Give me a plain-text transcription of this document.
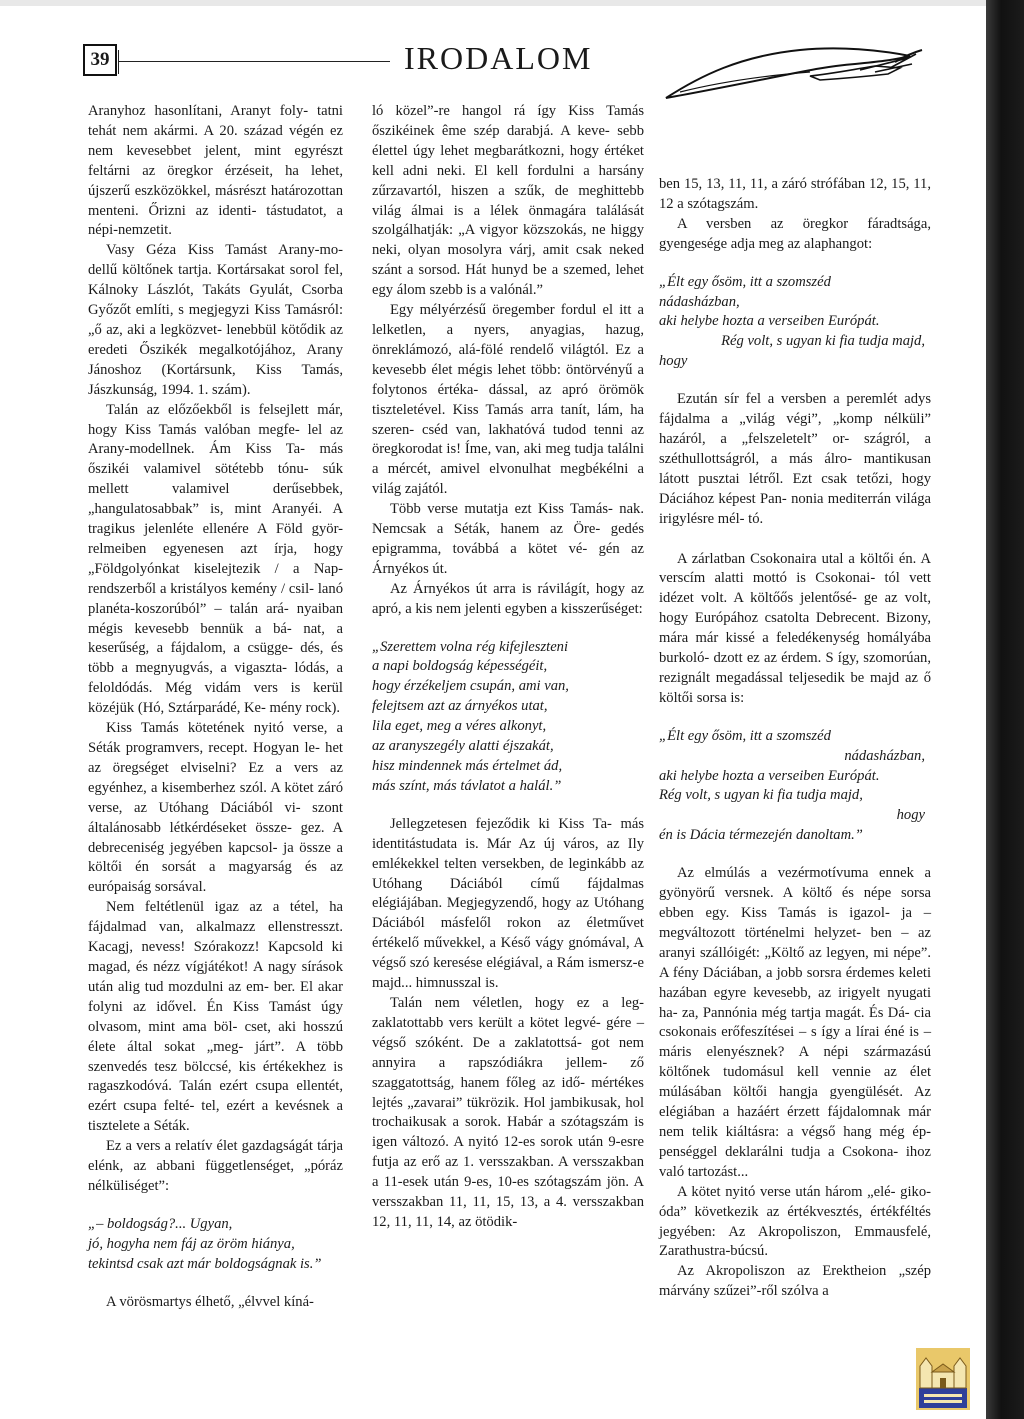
39	IRODALOM

Aranyhoz hasonlítani, Aranyt foly- tatni tehát nem akármi. A 20. század végén ez nem kevesebbet jelent, mint egyrészt feltárni az öregkor érzéseit, ha lehet, újszerű eszközökkel, másrészt határozottan menteni. Őrizni az identi- tástudatot, a népi-nemzetit.

Vasy Géza Kiss Tamást Arany-mo- dellű költőnek tartja. Kortársakat sorol fel, Kálnoky Lászlót, Takáts Gyulát, Csorba Győzőt említi, s megjegyzi Kiss Tamásról: „ő az, aki a legközvet- lenebbül kötődik az eredeti Őszikék megalkotójához, Arany Jánoshoz (Kortársunk, Kiss Tamás, Jászkunság, 1994. 1. szám).

Talán az előzőekből is felsejlett már, hogy Kiss Tamás valóban megfe- lel az Arany-modellnek. Ám Kiss Ta- más őszikéi valamivel sötétebb tónu- súk mellett valamivel derűsebbek, „hangulatosabbak” is, mint Aranyéi. A tragikus jelenléte ellenére A Föld györ- relmeiben egyenesen azt írja, hogy „Földgolyónkat kiselejtezik / a Nap- rendszerből a kristályos kemény / csil- lanó planéta-koszorúból” – talán ará- nyaiban mégis kevesebb bennük a bá- nat, a keserűség, a fájdalom, a csügge- dés, és több a megnyugvás, a vigaszta- lódás, a feloldódás. Még vidám vers is kerül közéjük (Hó, Sztárparádé, Ke- mény rock).

Kiss Tamás kötetének nyitó verse, a Séták programvers, recept. Hogyan le- het az öregséget elviselni? Ez a vers az egyénhez, a kisemberhez szól. A kötet záró verse, az Utóhang Dáciából vi- szont általánosabb létkérdéseket össze- gez. A debreceniség jegyében kapcsol- ja össze a költői én sorsát a magyarság és az európaiság sorsával.

Nem feltétlenül igaz az a tétel, ha fájdalmad van, alkalmazz ellenstresszt. Kacagj, nevess! Szórakozz! Kapcsold ki magad, és nézz vígjátékot! A nagy sírások után alig tud mozdulni az em- ber. El akar folyni az idővel. Én Kiss Tamást úgy olvasom, mint ama böl- cset, aki hosszú élete által sokat „meg- járt”. A több szenvedés tesz bölccsé, kis értékekhez is ragaszkodóvá. Talán ezért csupa ellentét, ezért csupa felté- tel, ezért a kevésnek a tisztelete a Séták.

Ez a vers a relatív élet gazdagságát tárja elénk, az abbani függetlenséget, „póráz nélküliséget”:

„– boldogság?... Ugyan,
jó, hogyha nem fáj az öröm hiánya,
tekintsd csak azt már boldogságnak is.”

A vörösmartys élhető, „élvvel kíná-

ló közel”-re hangol rá így Kiss Tamás őszikéinek ême szép darabjá. A keve- sebb élettel úgy lehet megbarátkozni, hogy értéket kell adni neki. El kell fordulni a harsány zűrzavartól, hiszen a szűk, de meghittebb világ álmai is a lélek önmagára találását szolgálhatják: „A vigyor közszokás, ne higgy neki, olyan mosolyra várj, amit csak neked szánt a sorsod. Hát hunyd be a szemed, lehet egy álom szebb is a valónál.”

Egy mélyérzésű öregember fordul el itt a lelketlen, a nyers, anyagias, hazug, önreklámozó, alá-fölé rendelő világtól. Ez a kevesebb élet mégis lehet több: öntörvényű a folytonos értéka- dással, az apró örömök tiszteletével. Kiss Tamás arra tanít, lám, ha szeren- cséd van, lakhatóvá tudod tenni az öregkorodat is! Íme, van, aki meg tudja találni a mércét, amivel elvonulhat megbékélni a világ zajától.

Több verse mutatja ezt Kiss Tamás- nak. Nemcsak a Séták, hanem az Öre- gedés epigramma, továbbá a kötet vé- gén az Árnyékos út.

Az Árnyékos út arra is rávilágít, hogy az apró, a kis nem jelenti egyben a kisszerűséget:

„Szerettem volna rég kifejleszteni
a napi boldogság képességéit,
hogy érzékeljem csupán, ami van,
felejtsem azt az árnyékos utat,
lila eget, meg a véres alkonyt,
az aranyszegély alatti éjszakát,
hisz mindennek más értelmet ád,
más színt, más távlatot a halál.”

Jellegzetesen fejeződik ki Kiss Ta- más identitástudata is. Már Az új város, az Ily emlékekkel telten versekben, de leginkább az Utóhang Dáciából című fájdalmas elégiájában. Megjegyzendő, hogy az Utóhang Dáciából másfelől rokon az életművet értékelő művekkel, a Késő vágy gnómával, A végső szó keresése elégiával, a Rám ismersz-e majd... himnusszal is.

Talán nem véletlen, hogy ez a leg- zaklatottabb vers került a kötet legvé- gére – végső szóként. De a zaklatottsá- got nem annyira a rapszódiákra jellem- ző szaggatottság, hanem főleg az idő- mértékes lejtés „zavarai” tükrözik. Hol jambikusak, hol trochaikusak a sorok. Habár a szótagszám is igen változó. A nyitó 12-es sorok után 9-esre futja az erő az 1. versszakban. A versszakban a 11-esek után 9-es, 10-es szótagszám jön. A versszakban 11, 11, 15, 13, a 4. versszakban 12, 11, 11, 14, az ötödik-

ben 15, 13, 11, 11, a záró strófában 12, 15, 11, 12 a szótagszám.

A versben az öregkor fáradtsága, gyengesége adja meg az alaphangot:

„Élt egy ősöm, itt a szomszéd
nádasházban,
aki helybe hozta a verseiben Európát.
Rég volt, s ugyan ki fia tudja majd,
hogy

Ezután sír fel a versben a peremlét adys fájdalma a „világ végi”, „komp nélküli” hazáról, a „felszeletelt” or- szágról, a széthullottságról, a más álro- mantikusan látott pusztai létről. Ezt csak tetőzi, hogy Dáciához képest Pan- nonia mediterrán világa irigylésre mél- tó.

A zárlatban Csokonaira utal a költői én. A verscím alatti mottó is Csokonai- tól vett idézet volt. A költőős jelentősé- ge az volt, hogy Európához csatolta Debrecent. Bizony, mára már kissé a feledékenység homályába burkoló- dzott ez az érdem. S így, szomorúan, rezignált megadással teljesedik be majd az ő költői sorsa is:

„Élt egy ősöm, itt a szomszéd
nádasházban,
aki helybe hozta a verseiben Európát.
Rég volt, s ugyan ki fia tudja majd,
hogy
én is Dácia térmezején danoltam.”

Az elmúlás a vezérmotívuma ennek a gyönyörű versnek. A költő és népe sorsa ebben egy. Kiss Tamás is igazol- ja – megváltozott történelmi helyzet- ben – az aranyi szállóigét: „Költő az legyen, mi népe”. A fény Dáciában, a jobb sorsra érdemes keleti hazában egyre kevesebb, az irigyelt nyugati ha- za, Pannónia még tartja magát. És Dá- cia csokonais erőfeszítései – s így a lírai éné is – máris elenyésznek? A népi származású költőnek tudomásul kell vennie az élet múlásában költői hangja gyengülését. Az elégiában a hazáért érzett fájdalomnak már nem telik kiáltásra: a végső hang még ép- penséggel deklarálni tudja a Csokona- ihoz való tartozást...

A kötet nyitó verse után három „elé- giko-óda” következik az értékvesztés, értékféltés jegyében: Az Akropoliszon, Emmausfelé, Zarathustra-búcsú.

Az Akropoliszon az Erektheion „szép márvány szűzei”-ről szólva a
